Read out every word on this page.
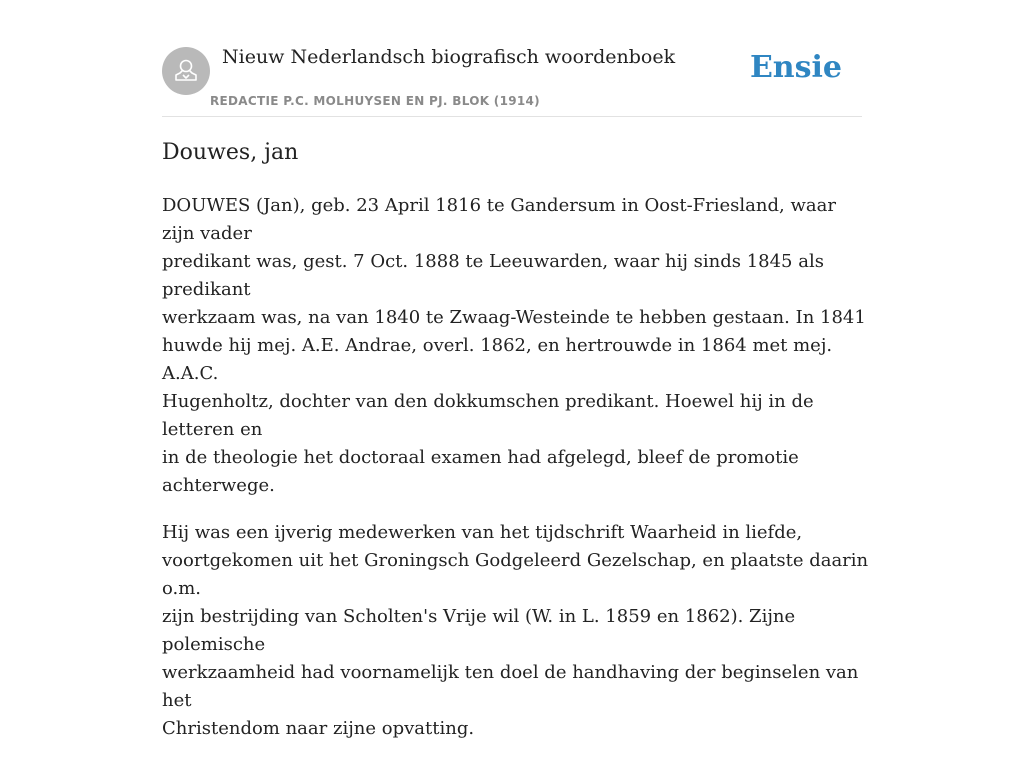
Nieuw Nederlandsch biografisch woordenboek
REDACTIE P.C. MOLHUYSEN EN PJ. BLOK (1914)
Ensie
Douwes, jan

DOUWES (Jan), geb. 23 April 1816 te Gandersum in Oost-Friesland, waar zijn vader
predikant was, gest. 7 Oct. 1888 te Leeuwarden, waar hij sinds 1845 als predikant
werkzaam was, na van 1840 te Zwaag-Westeinde te hebben gestaan. In 1841
huwde hij mej. A.E. Andrae, overl. 1862, en hertrouwde in 1864 met mej. A.A.C.
Hugenholtz, dochter van den dokkumschen predikant. Hoewel hij in de letteren en
in de theologie het doctoraal examen had afgelegd, bleef de promotie achterwege.

Hij was een ijverig medewerken van het tijdschrift Waarheid in liefde,
voortgekomen uit het Groningsch Godgeleerd Gezelschap, en plaatste daarin o.m.
zijn bestrijding van Scholten's Vrije wil (W. in L. 1859 en 1862). Zijne polemische
werkzaamheid had voornamelijk ten doel de handhaving der beginselen van het
Christendom naar zijne opvatting.
